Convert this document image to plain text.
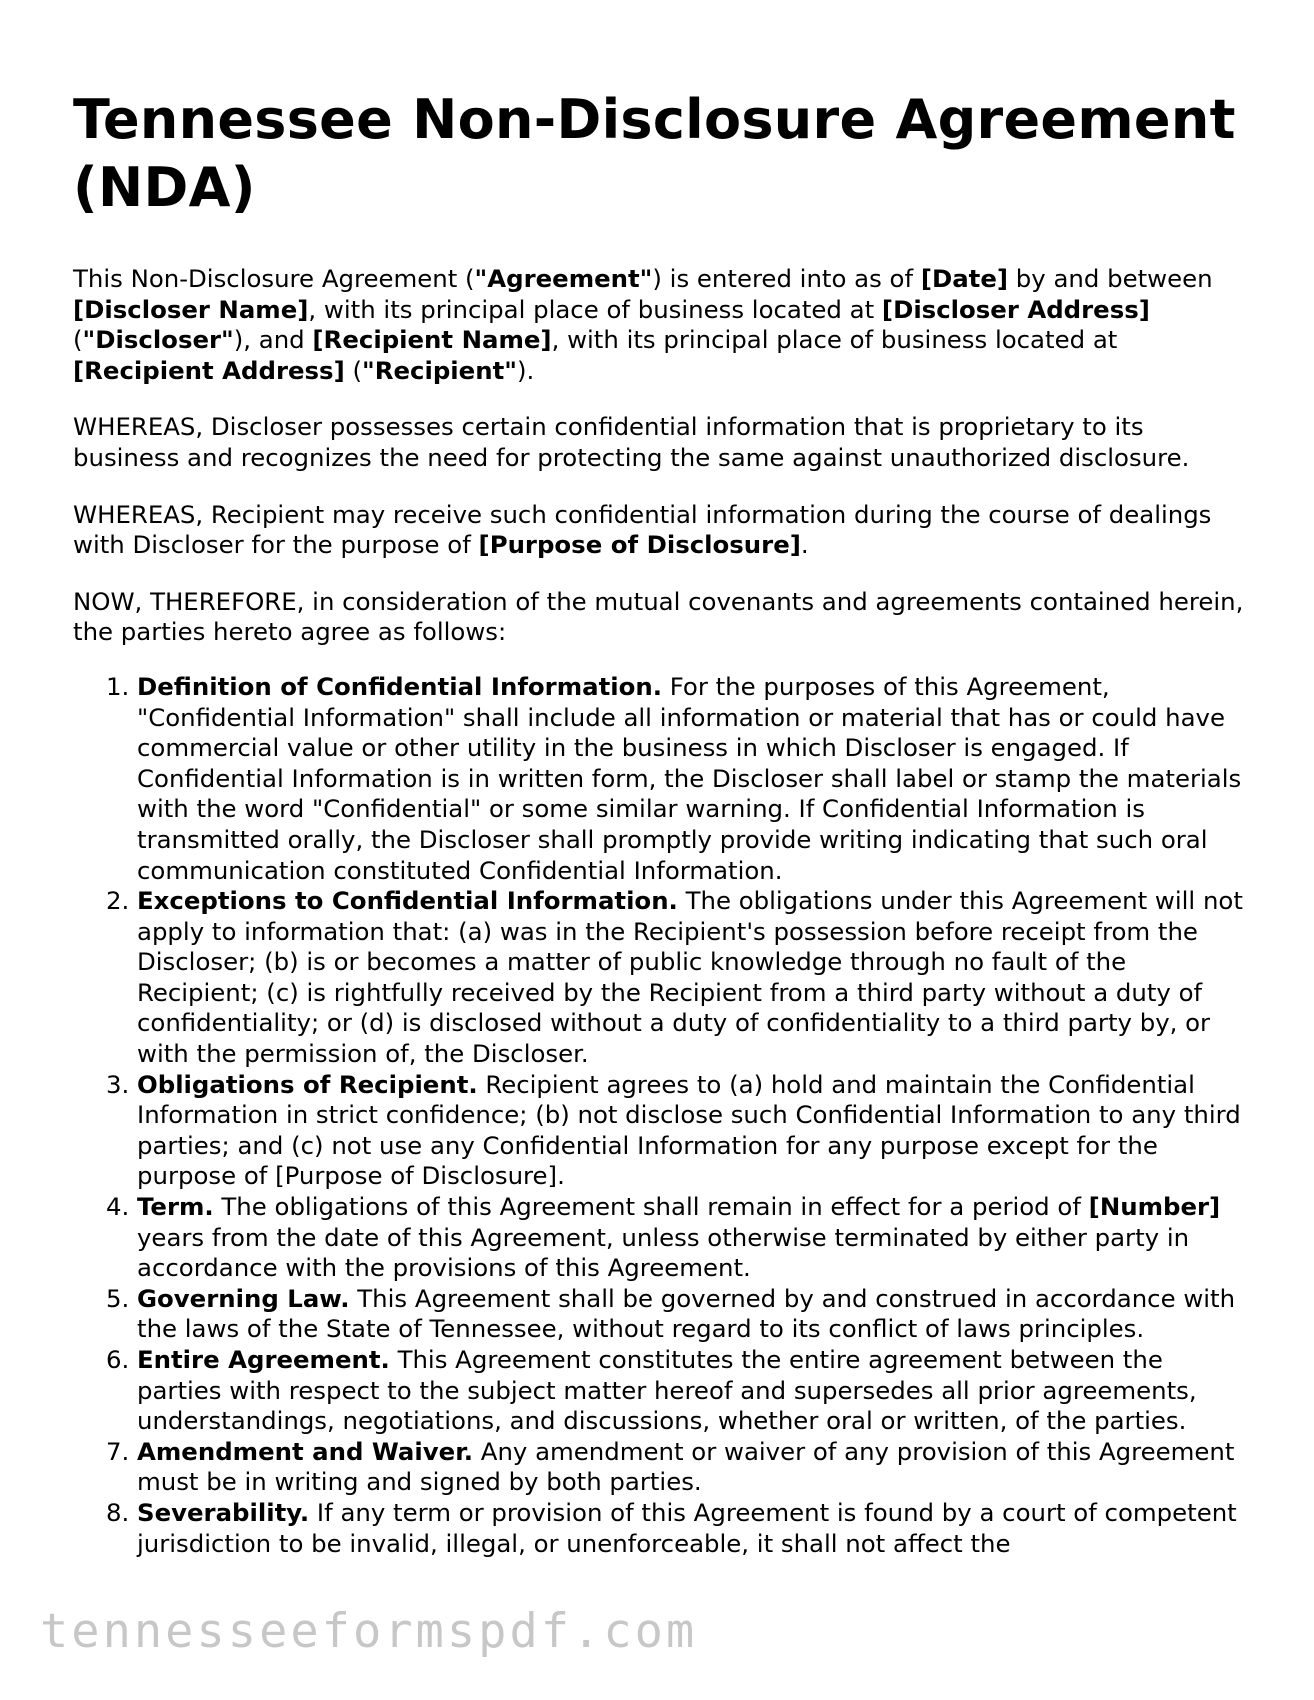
Tennessee Non-Disclosure Agreement (NDA)

This Non-Disclosure Agreement ("Agreement") is entered into as of [Date] by and between [Discloser Name], with its principal place of business located at [Discloser Address] ("Discloser"), and [Recipient Name], with its principal place of business located at [Recipient Address] ("Recipient").

WHEREAS, Discloser possesses certain confidential information that is proprietary to its business and recognizes the need for protecting the same against unauthorized disclosure.

WHEREAS, Recipient may receive such confidential information during the course of dealings with Discloser for the purpose of [Purpose of Disclosure].

NOW, THEREFORE, in consideration of the mutual covenants and agreements contained herein, the parties hereto agree as follows:

1. Definition of Confidential Information. For the purposes of this Agreement, "Confidential Information" shall include all information or material that has or could have commercial value or other utility in the business in which Discloser is engaged. If Confidential Information is in written form, the Discloser shall label or stamp the materials with the word "Confidential" or some similar warning. If Confidential Information is transmitted orally, the Discloser shall promptly provide writing indicating that such oral communication constituted Confidential Information.
2. Exceptions to Confidential Information. The obligations under this Agreement will not apply to information that: (a) was in the Recipient's possession before receipt from the Discloser; (b) is or becomes a matter of public knowledge through no fault of the Recipient; (c) is rightfully received by the Recipient from a third party without a duty of confidentiality; or (d) is disclosed without a duty of confidentiality to a third party by, or with the permission of, the Discloser.
3. Obligations of Recipient. Recipient agrees to (a) hold and maintain the Confidential Information in strict confidence; (b) not disclose such Confidential Information to any third parties; and (c) not use any Confidential Information for any purpose except for the purpose of [Purpose of Disclosure].
4. Term. The obligations of this Agreement shall remain in effect for a period of [Number] years from the date of this Agreement, unless otherwise terminated by either party in accordance with the provisions of this Agreement.
5. Governing Law. This Agreement shall be governed by and construed in accordance with the laws of the State of Tennessee, without regard to its conflict of laws principles.
6. Entire Agreement. This Agreement constitutes the entire agreement between the parties with respect to the subject matter hereof and supersedes all prior agreements, understandings, negotiations, and discussions, whether oral or written, of the parties.
7. Amendment and Waiver. Any amendment or waiver of any provision of this Agreement must be in writing and signed by both parties.
8. Severability. If any term or provision of this Agreement is found by a court of competent jurisdiction to be invalid, illegal, or unenforceable, it shall not affect the
tennesseeformspdf.com
